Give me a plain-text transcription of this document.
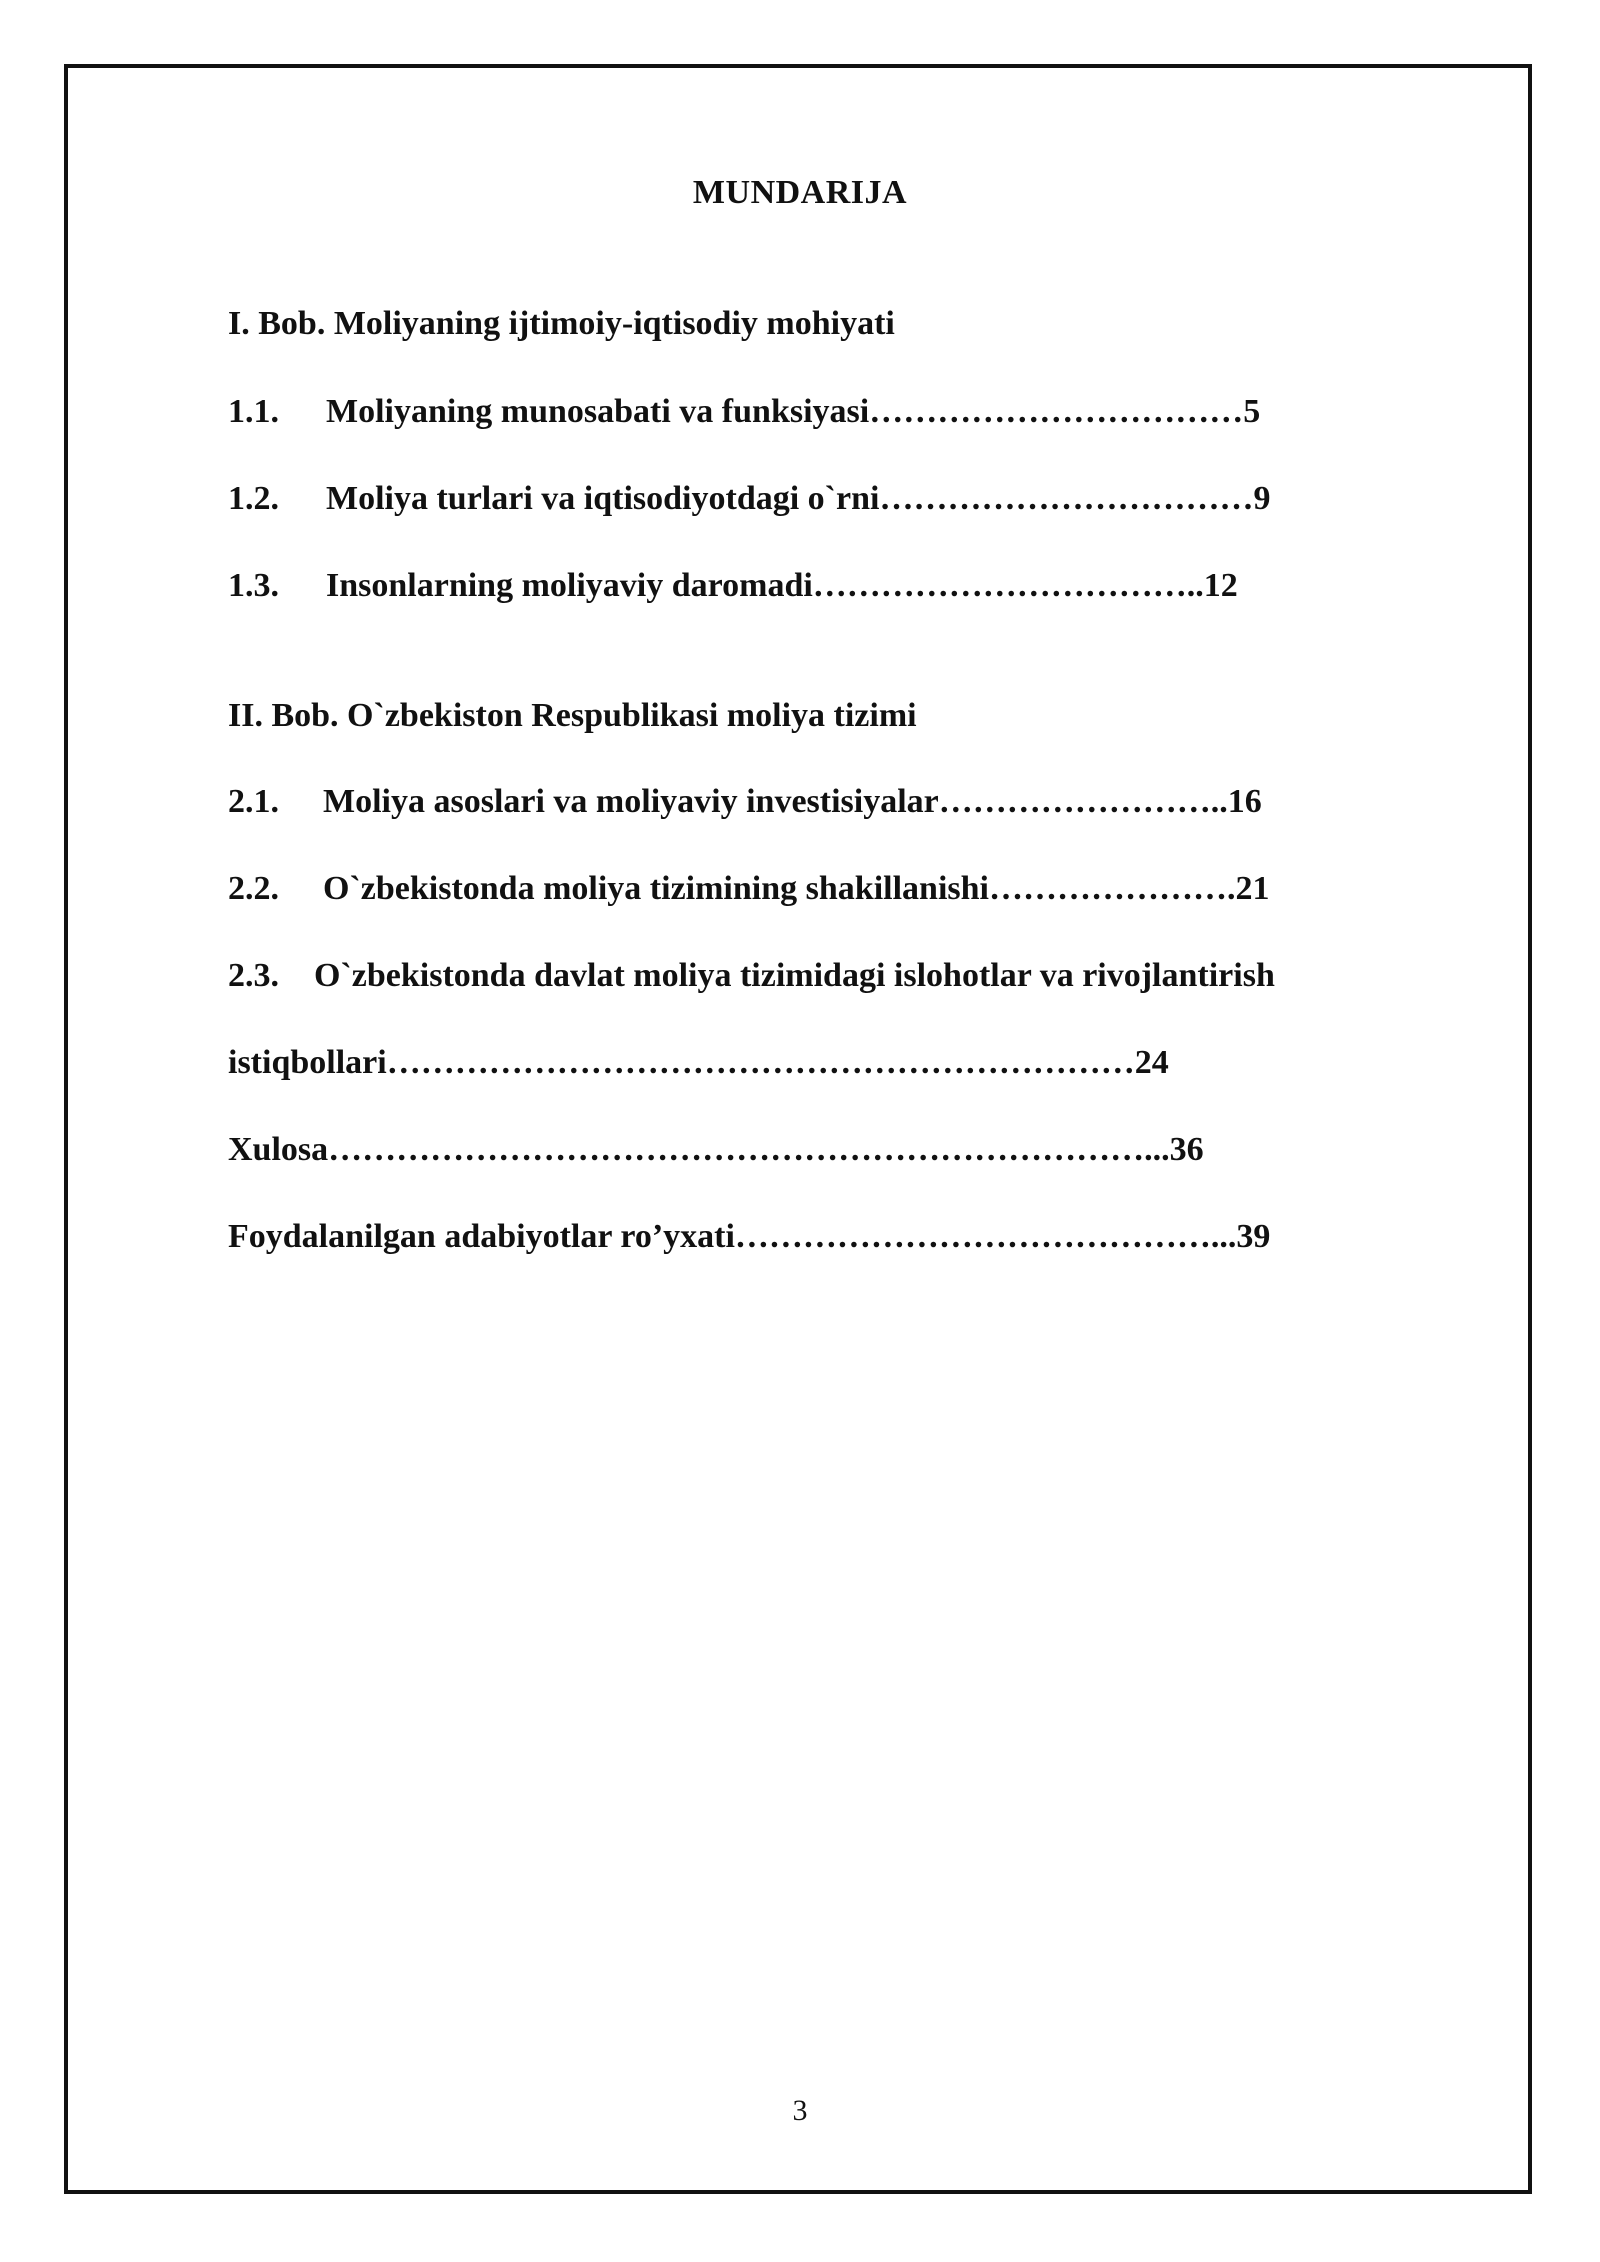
MUNDARIJA
I. Bob. Moliyaning ijtimoiy-iqtisodiy mohiyati
1.1. Moliyaning munosabati va funksiyasi……………………………5
1.2. Moliya turlari va iqtisodiyotdagi o`rni……………………………9
1.3. Insonlarning moliyaviy daromadi……………………………..12
II. Bob. O`zbekiston Respublikasi moliya tizimi
2.1. Moliya asoslari va moliyaviy investisiyalar……………………..16
2.2. O`zbekistonda moliya tizimining shakillanishi………………….21
2.3. O`zbekistonda davlat moliya tizimidagi islohotlar va rivojlantirish
istiqbollari…………………………………………………………24
Xulosa………………………………………………………………...36
Foydalanilgan adabiyotlar ro’yxati……………………………………...39
3
